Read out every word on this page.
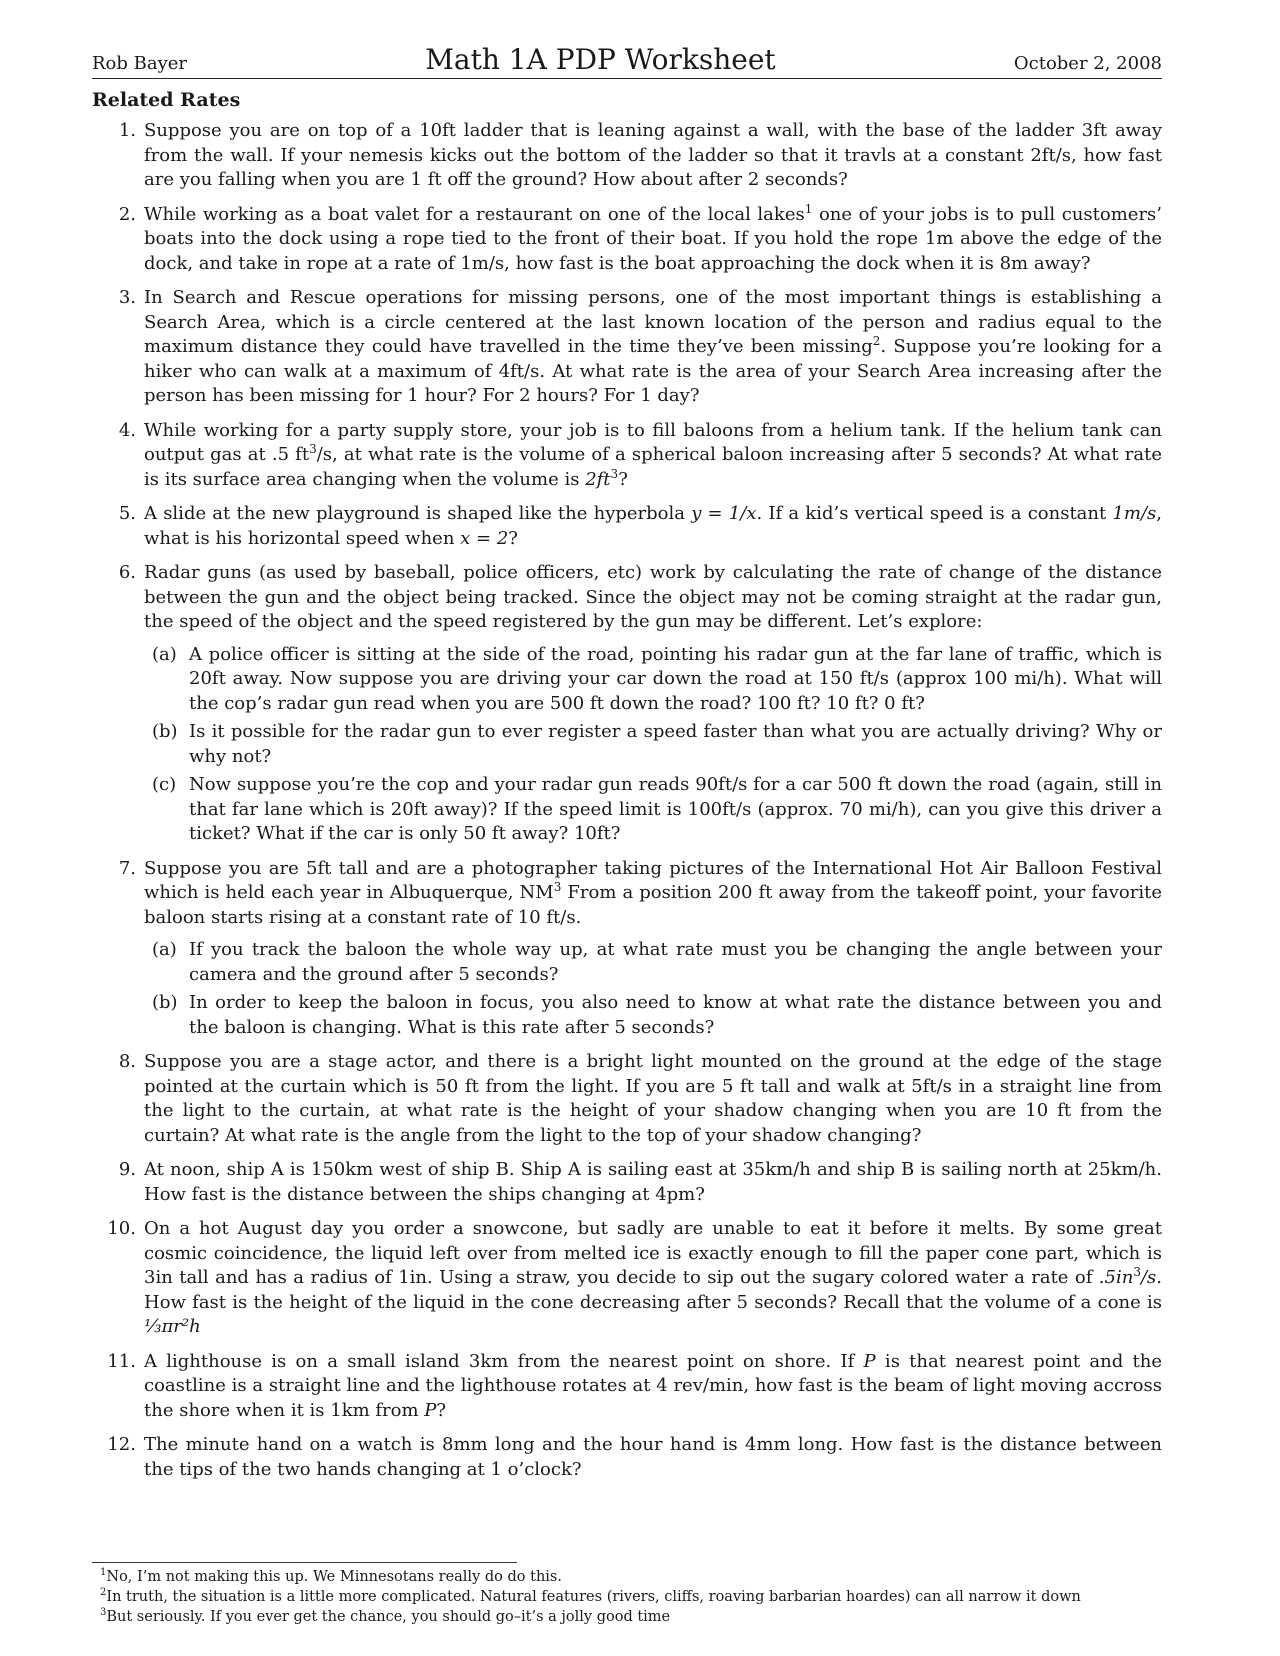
Rob Bayer	Math 1A PDP Worksheet	October 2, 2008
Related Rates
1. Suppose you are on top of a 10ft ladder that is leaning against a wall, with the base of the ladder 3ft away from the wall. If your nemesis kicks out the bottom of the ladder so that it travls at a constant 2ft/s, how fast are you falling when you are 1 ft off the ground? How about after 2 seconds?
2. While working as a boat valet for a restaurant on one of the local lakes$^1$ one of your jobs is to pull customers’ boats into the dock using a rope tied to the front of their boat. If you hold the rope 1m above the edge of the dock, and take in rope at a rate of 1m/s, how fast is the boat approaching the dock when it is 8m away?
3. In Search and Rescue operations for missing persons, one of the most important things is establishing a Search Area, which is a circle centered at the last known location of the person and radius equal to the maximum distance they could have travelled in the time they’ve been missing$^2$. Suppose you’re looking for a hiker who can walk at a maximum of 4ft/s. At what rate is the area of your Search Area increasing after the person has been missing for 1 hour? For 2 hours? For 1 day?
4. While working for a party supply store, your job is to fill baloons from a helium tank. If the helium tank can output gas at .5 $ft^3/s$, at what rate is the volume of a spherical baloon increasing after 5 seconds? At what rate is its surface area changing when the volume is $2ft^3$?
5. A slide at the new playground is shaped like the hyperbola y = 1/x. If a kid’s vertical speed is a constant 1m/s, what is his horizontal speed when x = 2?
6. Radar guns (as used by baseball, police officers, etc) work by calculating the rate of change of the distance between the gun and the object being tracked. Since the object may not be coming straight at the radar gun, the speed of the object and the speed registered by the gun may be different. Let’s explore:
(a) A police officer is sitting at the side of the road, pointing his radar gun at the far lane of traffic, which is 20ft away. Now suppose you are driving your car down the road at 150 ft/s (approx 100 mi/h). What will the cop’s radar gun read when you are 500 ft down the road? 100 ft? 10 ft? 0 ft?
(b) Is it possible for the radar gun to ever register a speed faster than what you are actually driving? Why or why not?
(c) Now suppose you’re the cop and your radar gun reads 90ft/s for a car 500 ft down the road (again, still in that far lane which is 20ft away)? If the speed limit is 100ft/s (approx. 70 mi/h), can you give this driver a ticket? What if the car is only 50 ft away? 10ft?
7. Suppose you are 5ft tall and are a photographer taking pictures of the International Hot Air Balloon Festival which is held each year in Albuquerque, $NM^3$ From a position 200 ft away from the takeoff point, your favorite baloon starts rising at a constant rate of 10 ft/s.
(a) If you track the baloon the whole way up, at what rate must you be changing the angle between your camera and the ground after 5 seconds?
(b) In order to keep the baloon in focus, you also need to know at what rate the distance between you and the baloon is changing. What is this rate after 5 seconds?
8. Suppose you are a stage actor, and there is a bright light mounted on the ground at the edge of the stage pointed at the curtain which is 50 ft from the light. If you are 5 ft tall and walk at 5ft/s in a straight line from the light to the curtain, at what rate is the height of your shadow changing when you are 10 ft from the curtain? At what rate is the angle from the light to the top of your shadow changing?
9. At noon, ship A is 150km west of ship B. Ship A is sailing east at 35km/h and ship B is sailing north at 25km/h. How fast is the distance between the ships changing at 4pm?
10. On a hot August day you order a snowcone, but sadly are unable to eat it before it melts. By some great cosmic coincidence, the liquid left over from melted ice is exactly enough to fill the paper cone part, which is 3in tall and has a radius of 1in. Using a straw, you decide to sip out the sugary colored water a rate of $.5in^3/s$. How fast is the height of the liquid in the cone decreasing after 5 seconds? Recall that the volume of a cone is ⅓πr²h
11. A lighthouse is on a small island 3km from the nearest point on shore. If P is that nearest point and the coastline is a straight line and the lighthouse rotates at 4 rev/min, how fast is the beam of light moving accross the shore when it is 1km from P?
12. The minute hand on a watch is 8mm long and the hour hand is 4mm long. How fast is the distance between the tips of the two hands changing at 1 o’clock?
$^1$No, I’m not making this up. We Minnesotans really do do this.
$^2$In truth, the situation is a little more complicated. Natural features (rivers, cliffs, roaving barbarian hoardes) can all narrow it down
$^3$But seriously. If you ever get the chance, you should go–it’s a jolly good time
